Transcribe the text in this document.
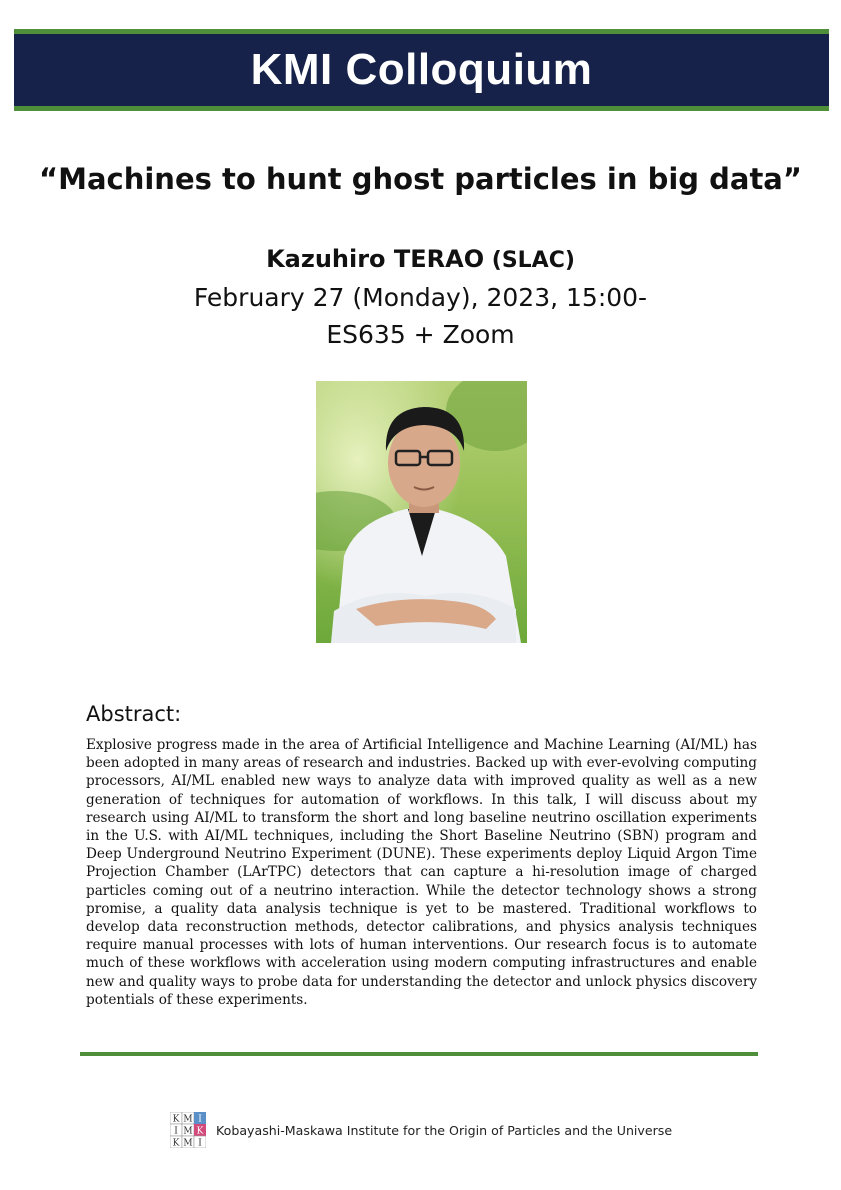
KMI Colloquium
“Machines to hunt ghost particles in big data”
Kazuhiro TERAO (SLAC)
February 27 (Monday), 2023, 15:00-
ES635 + Zoom
Abstract:
Explosive progress made in the area of Artificial Intelligence and Machine Learning (AI/ML) has been adopted in many areas of research and industries. Backed up with ever-evolving computing processors, AI/ML enabled new ways to analyze data with improved quality as well as a new generation of techniques for automation of workflows. In this talk, I will discuss about my research using AI/ML to transform the short and long baseline neutrino oscillation experiments in the U.S. with AI/ML techniques, including the Short Baseline Neutrino (SBN) program and Deep Underground Neutrino Experiment (DUNE). These experiments deploy Liquid Argon Time Projection Chamber (LArTPC) detectors that can capture a hi-resolution image of charged particles coming out of a neutrino interaction. While the detector technology shows a strong promise, a quality data analysis technique is yet to be mastered. Traditional workflows to develop data reconstruction methods, detector calibrations, and physics analysis techniques require manual processes with lots of human interventions. Our research focus is to automate much of these workflows with acceleration using modern computing infrastructures and enable new and quality ways to probe data for understanding the detector and unlock physics discovery potentials of these experiments.
K M I
I M K
K M I
Kobayashi-Maskawa Institute for the Origin of Particles and the Universe
